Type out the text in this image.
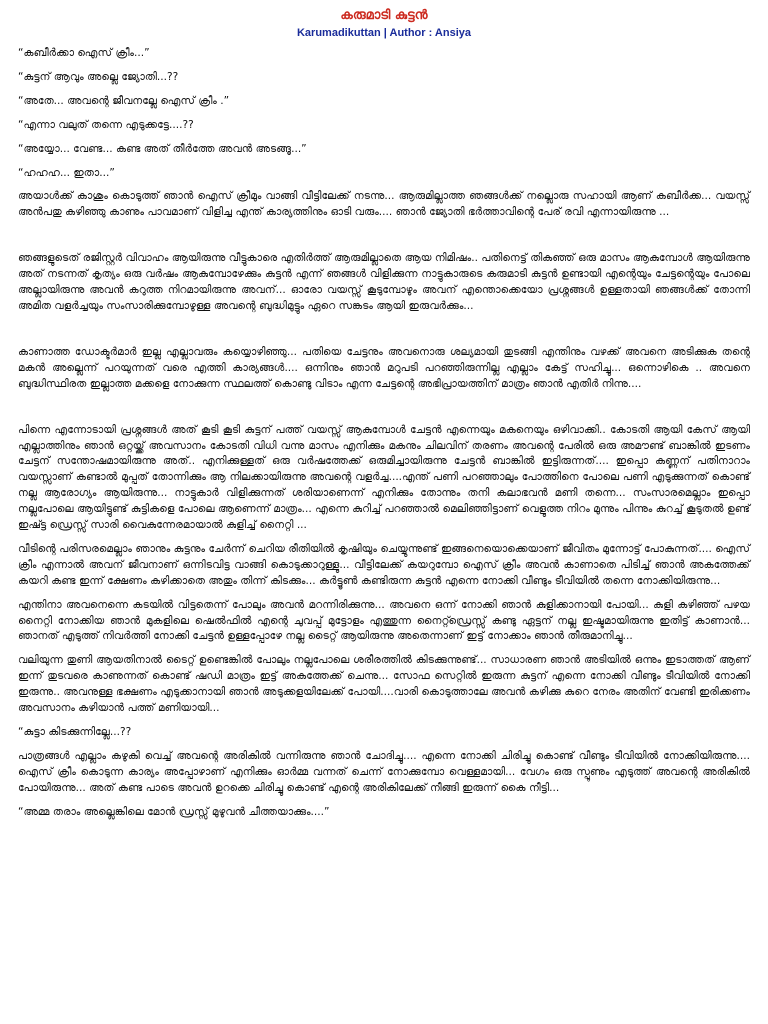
കരുമാടി കുട്ടൻ
Karumadikuttan | Author : Ansiya

“കബീർക്കാ ഐസ് ക്രീം...”

“കുട്ടന് ആവും അല്ലെ ജ്യോതി...??

“അതേ... അവന്റെ ജീവനല്ലേ ഐസ് ക്രീം .”

“എന്നാ വലുത് തന്നെ എടുക്കട്ടേ....??

“അയ്യോ... വേണ്ട... കണ്ട അത് തീർത്തേ അവൻ അടങ്ങൂ...”

“ഹഹഹ... ഇതാ...”

അയാൾക്ക് കാശും കൊടുത്ത് ഞാൻ ഐസ് ക്രീമും വാങ്ങി വീട്ടിലേക്ക് നടന്നു... ആരുമില്ലാത്ത ഞങ്ങൾക്ക് നല്ലൊരു സഹായി ആണ് കബീർക്ക... വയസ്സ് അൻപതു കഴിഞ്ഞു കാണും പാവമാണ് വിളിച്ച എന്ത് കാര്യത്തിനും ഓടി വരും.... ഞാൻ ജ്യോതി ഭർത്താവിന്റെ പേര് രവി എന്നായിരുന്നു ...

ഞങ്ങളുടെത് രജിസ്റ്റർ വിവാഹം ആയിരുന്നു വീട്ടുകാരെ എതിർത്ത് ആരുമില്ലാതെ ആയ നിമിഷം.. പതിനെട്ട് തികഞ്ഞ് ഒരു മാസം ആകുമ്പോൾ ആയിരുന്നു അത് നടന്നത് കൃത്യം ഒരു വർഷം ആകുമ്പോഴേക്കും കുട്ടൻ എന്ന് ഞങ്ങൾ വിളിക്കുന്ന നാട്ടുകാരുടെ കരുമാടി കുട്ടൻ ഉണ്ടായി എന്റെയും ചേട്ടന്റെയും പോലെ അല്ലായിരുന്നു അവൻ കറുത്ത നിറമായിരുന്നു അവന്... ഓരോ വയസ്സ് കൂടുമ്പോഴും അവന് എന്തൊക്കെയോ പ്രശ്നങ്ങൾ ഉള്ളതായി ഞങ്ങൾക്ക് തോന്നി അമിത വളർച്ചയും സംസാരിക്കുമ്പോഴുള്ള അവന്റെ ബുദ്ധിമുട്ടും ഏറെ സങ്കടം ആയി ഇരുവർക്കും...

കാണാത്ത ഡോക്ടർമാർ ഇല്ല എല്ലാവരും കയ്യൊഴിഞ്ഞു... പതിയെ ചേട്ടനും അവനൊരു ശല്യമായി തുടങ്ങി എന്തിനും വഴക്ക് അവനെ അടിക്കുക തന്റെ മകൻ അല്ലെന്ന് പറയുന്നത് വരെ എത്തി കാര്യങ്ങൾ.... ഒന്നിനും ഞാൻ മറുപടി പറഞ്ഞിരുന്നില്ല എല്ലാം കേട്ട് സഹിച്ചു... ഒന്നൊഴികെ .. അവനെ ബുദ്ധിസ്ഥിരത ഇല്ലാത്ത മക്കളെ നോക്കുന്ന സ്ഥലത്ത് കൊണ്ടു വിടാം എന്ന ചേട്ടന്റെ അഭിപ്രായത്തിന് മാത്രം ഞാൻ എതിർ നിന്നു....

പിന്നെ എന്നോടായി പ്രശ്നങ്ങൾ അത് കൂടി കൂടി കുട്ടന് പത്ത് വയസ്സ് ആകുമ്പോൾ ചേട്ടൻ എന്നെയും മകനെയും ഒഴിവാക്കി.. കോടതി ആയി കേസ് ആയി എല്ലാത്തിനും ഞാൻ ഒറ്റയ്ക്ക് അവസാനം കോടതി വിധി വന്നു മാസം എനിക്കും മകനും ചിലവിന് തരണം അവന്റെ പേരിൽ ഒരു അമൗണ്ട് ബാങ്കിൽ ഇടണം ചേട്ടന് സന്തോഷമായിരുന്നു അത്.. എനിക്കുള്ളത് ഒരു വർഷത്തേക്ക് ഒരുമിച്ചായിരുന്നു ചേട്ടൻ ബാങ്കിൽ ഇട്ടിരുന്നത്.... ഇപ്പൊ കണ്ണന് പതിനാറാം വയസ്സാണ് കണ്ടാൽ മുപ്പത് തോന്നിക്കും ആ നിലക്കായിരുന്നു അവന്റെ വളർച്ച....എന്ത് പണി പറഞ്ഞാലും പോത്തിനെ പോലെ പണി എടുക്കുന്നത് കൊണ്ട് നല്ല ആരോഗ്യം ആയിരുന്നു... നാട്ടുകാർ വിളിക്കുന്നത് ശരിയാണെന്ന് എനിക്കും തോന്നും തനി കലാഭവൻ മണി തന്നെ... സംസാരമെല്ലാം ഇപ്പൊ നല്ലപോലെ ആയിട്ടുണ്ട് കുട്ടികളെ പോലെ ആണെന്ന് മാത്രം... എന്നെ കുറിച്ച് പറഞ്ഞാൽ മെലിഞ്ഞിട്ടാണ് വെളുത്ത നിറം മുന്നും പിന്നും കുറച്ച് കൂടുതൽ ഉണ്ട് ഇഷ്ട്ട ഡ്രെസ്സ് സാരി വൈകുന്നേരമായാൽ കുളിച്ച് നൈറ്റി ...

വീടിന്റെ പരിസരമെല്ലാം ഞാനും കുട്ടനും ചേർന്ന് ചെറിയ രീതിയിൽ കൃഷിയും ചെയ്യുന്നുണ്ട് ഇങ്ങനെയൊക്കെയാണ് ജീവിതം മുന്നോട്ട് പോകുന്നത്.... ഐസ് ക്രീം എന്നാൽ അവന് ജീവനാണ് ഒന്നിടവിട്ട വാങ്ങി കൊടുക്കാറുള്ളു... വീട്ടിലേക്ക് കയറുമ്പോ ഐസ് ക്രീം അവൻ കാണാതെ പിടിച്ച് ഞാൻ അകത്തേക്ക് കയറി കണ്ട ഇന്ന് ക്ഷേണം കഴിക്കാതെ അതും തിന്ന് കിടക്കും... കർട്ടൂൺ കണ്ടിരുന്ന കുട്ടൻ എന്നെ നോക്കി വീണ്ടും ടീവിയിൽ തന്നെ നോക്കിയിരുന്നു...

എന്തിനാ അവനെന്നെ കടയിൽ വിട്ടതെന്ന് പോലും അവൻ മറന്നിരിക്കുന്നു... അവനെ ഒന്ന് നോക്കി ഞാൻ കുളിക്കാനായി പോയി... കുളി കഴിഞ്ഞ് പഴയ നൈറ്റി നോക്കിയ ഞാൻ മുകളിലെ ഷെൽഫിൽ എന്റെ ചുവപ്പ് മുട്ടോളം എത്തുന്ന നൈറ്റ്ഡ്രെസ്സ് കണ്ടു ഏട്ടന് നല്ല ഇഷ്ടമായിരുന്നു ഇതിട്ട് കാണാൻ... ഞാനത് എടുത്ത് നിവർത്തി നോക്കി ചേട്ടൻ ഉള്ളപ്പോഴേ നല്ല ടൈറ്റ് ആയിരുന്നു അതെന്നാണ് ഇട്ട് നോക്കാം ഞാൻ തീരുമാനിച്ചു...

വലിയുന്ന തുണി ആയതിനാൽ ടൈറ്റ് ഉണ്ടെങ്കിൽ പോലും നല്ലപോലെ ശരീരത്തിൽ കിടക്കുന്നുണ്ട്... സാധാരണ ഞാൻ അടിയിൽ ഒന്നും ഇടാത്തത് ആണ് ഇന്ന് തുടവരെ കാണുന്നത് കൊണ്ട് ഷഡി മാത്രം ഇട്ട് അകത്തേക്ക് ചെന്നു... സോഫ സെറ്റിൽ ഇരുന്ന കുട്ടന് എന്നെ നോക്കി വീണ്ടും ടീവിയിൽ നോക്കി ഇരുന്നു.. അവനുള്ള ഭക്ഷണം എടുക്കാനായി ഞാൻ അടുക്കളയിലേക്ക് പോയി....വാരി കൊടുത്താലേ അവൻ കഴിക്കു കുറെ നേരം അതിന് വേണ്ടി ഇരിക്കണം അവസാനം കഴിയാൻ പത്ത് മണിയായി...

“കുട്ടാ കിടക്കുന്നില്ലേ...??

പാത്രങ്ങൾ എല്ലാം കഴുകി വെച്ച് അവന്റെ അരികിൽ വന്നിരുന്നു ഞാൻ ചോദിച്ചു.... എന്നെ നോക്കി ചിരിച്ചു കൊണ്ട് വീണ്ടും ടീവിയിൽ നോക്കിയിരുന്നു.... ഐസ് ക്രീം കൊടുന്ന കാര്യം അപ്പോഴാണ് എനിക്കും ഓർമ്മ വന്നത് ചെന്ന് നോക്കുമ്പോ വെള്ളമായി... വേഗം ഒരു സ്പൂണും എടുത്ത് അവന്റെ അരികിൽ പോയിരുന്നു... അത് കണ്ട പാടെ അവൻ ഉറക്കെ ചിരിച്ചു കൊണ്ട് എന്റെ അരികിലേക്ക് നീങ്ങി ഇരുന്ന് കൈ നീട്ടി...

“അമ്മ തരാം അല്ലെങ്കിലെ മോൻ ഡ്രസ്സ് മുഴുവൻ ചീത്തയാക്കും....”
